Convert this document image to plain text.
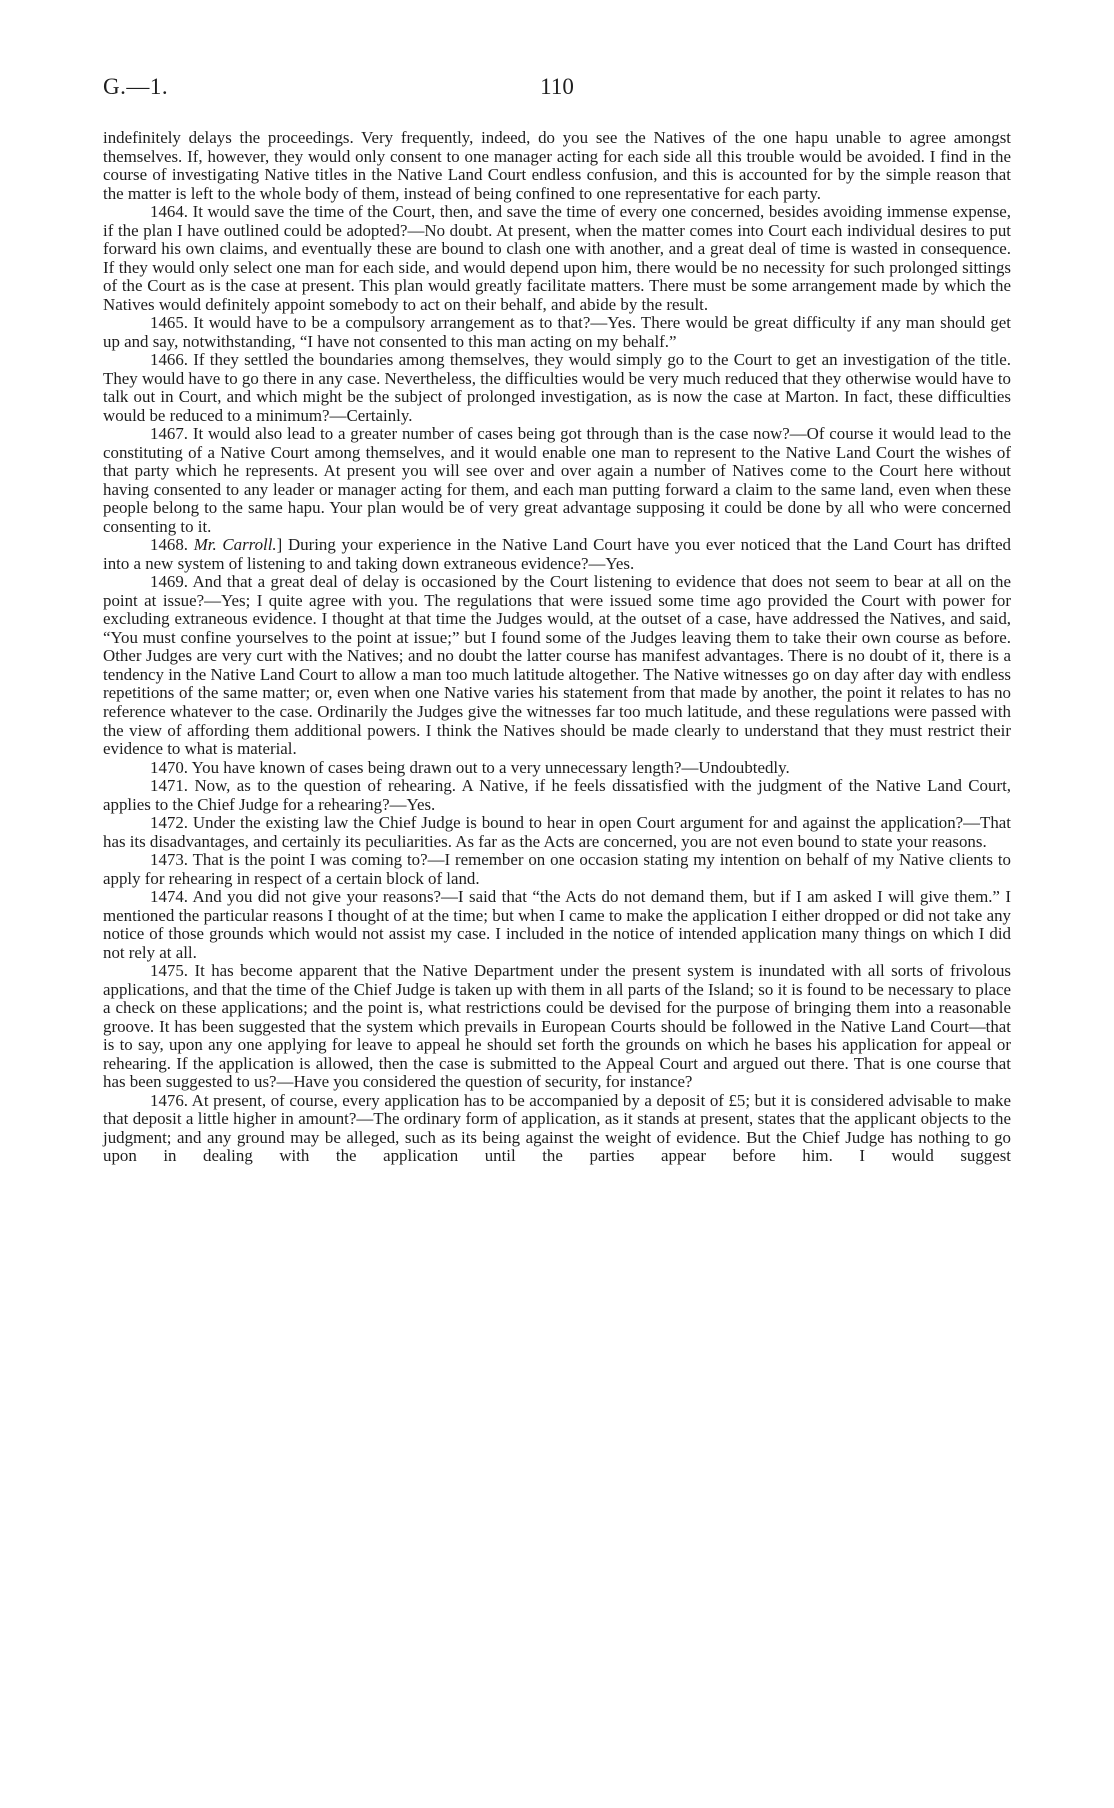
G.—1.	110

indefinitely delays the proceedings. Very frequently, indeed, do you see the Natives of the one hapu unable to agree amongst themselves. If, however, they would only consent to one manager acting for each side all this trouble would be avoided. I find in the course of investigating Native titles in the Native Land Court endless confusion, and this is accounted for by the simple reason that the matter is left to the whole body of them, instead of being confined to one representative for each party.

1464. It would save the time of the Court, then, and save the time of every one concerned, besides avoiding immense expense, if the plan I have outlined could be adopted?—No doubt. At present, when the matter comes into Court each individual desires to put forward his own claims, and eventually these are bound to clash one with another, and a great deal of time is wasted in consequence. If they would only select one man for each side, and would depend upon him, there would be no necessity for such prolonged sittings of the Court as is the case at present. This plan would greatly facilitate matters. There must be some arrangement made by which the Natives would definitely appoint somebody to act on their behalf, and abide by the result.

1465. It would have to be a compulsory arrangement as to that?—Yes. There would be great difficulty if any man should get up and say, notwithstanding, “I have not consented to this man acting on my behalf.”

1466. If they settled the boundaries among themselves, they would simply go to the Court to get an investigation of the title. They would have to go there in any case. Nevertheless, the difficulties would be very much reduced that they otherwise would have to talk out in Court, and which might be the subject of prolonged investigation, as is now the case at Marton. In fact, these difficulties would be reduced to a minimum?—Certainly.

1467. It would also lead to a greater number of cases being got through than is the case now?—Of course it would lead to the constituting of a Native Court among themselves, and it would enable one man to represent to the Native Land Court the wishes of that party which he represents. At present you will see over and over again a number of Natives come to the Court here without having consented to any leader or manager acting for them, and each man putting forward a claim to the same land, even when these people belong to the same hapu. Your plan would be of very great advantage supposing it could be done by all who were concerned consenting to it.

1468. Mr. Carroll.] During your experience in the Native Land Court have you ever noticed that the Land Court has drifted into a new system of listening to and taking down extraneous evidence?—Yes.

1469. And that a great deal of delay is occasioned by the Court listening to evidence that does not seem to bear at all on the point at issue?—Yes; I quite agree with you. The regulations that were issued some time ago provided the Court with power for excluding extraneous evidence. I thought at that time the Judges would, at the outset of a case, have addressed the Natives, and said, “You must confine yourselves to the point at issue;” but I found some of the Judges leaving them to take their own course as before. Other Judges are very curt with the Natives; and no doubt the latter course has manifest advantages. There is no doubt of it, there is a tendency in the Native Land Court to allow a man too much latitude altogether. The Native witnesses go on day after day with endless repetitions of the same matter; or, even when one Native varies his statement from that made by another, the point it relates to has no reference whatever to the case. Ordinarily the Judges give the witnesses far too much latitude, and these regulations were passed with the view of affording them additional powers. I think the Natives should be made clearly to understand that they must restrict their evidence to what is material.

1470. You have known of cases being drawn out to a very unnecessary length?—Undoubtedly.

1471. Now, as to the question of rehearing. A Native, if he feels dissatisfied with the judgment of the Native Land Court, applies to the Chief Judge for a rehearing?—Yes.

1472. Under the existing law the Chief Judge is bound to hear in open Court argument for and against the application?—That has its disadvantages, and certainly its peculiarities. As far as the Acts are concerned, you are not even bound to state your reasons.

1473. That is the point I was coming to?—I remember on one occasion stating my intention on behalf of my Native clients to apply for rehearing in respect of a certain block of land.

1474. And you did not give your reasons?—I said that “the Acts do not demand them, but if I am asked I will give them.” I mentioned the particular reasons I thought of at the time; but when I came to make the application I either dropped or did not take any notice of those grounds which would not assist my case. I included in the notice of intended application many things on which I did not rely at all.

1475. It has become apparent that the Native Department under the present system is inundated with all sorts of frivolous applications, and that the time of the Chief Judge is taken up with them in all parts of the Island; so it is found to be necessary to place a check on these applications; and the point is, what restrictions could be devised for the purpose of bringing them into a reasonable groove. It has been suggested that the system which prevails in European Courts should be followed in the Native Land Court—that is to say, upon any one applying for leave to appeal he should set forth the grounds on which he bases his application for appeal or rehearing. If the application is allowed, then the case is submitted to the Appeal Court and argued out there. That is one course that has been suggested to us?—Have you considered the question of security, for instance?

1476. At present, of course, every application has to be accompanied by a deposit of £5; but it is considered advisable to make that deposit a little higher in amount?—The ordinary form of application, as it stands at present, states that the applicant objects to the judgment; and any ground may be alleged, such as its being against the weight of evidence. But the Chief Judge has nothing to go upon in dealing with the application until the parties appear before him. I would suggest
